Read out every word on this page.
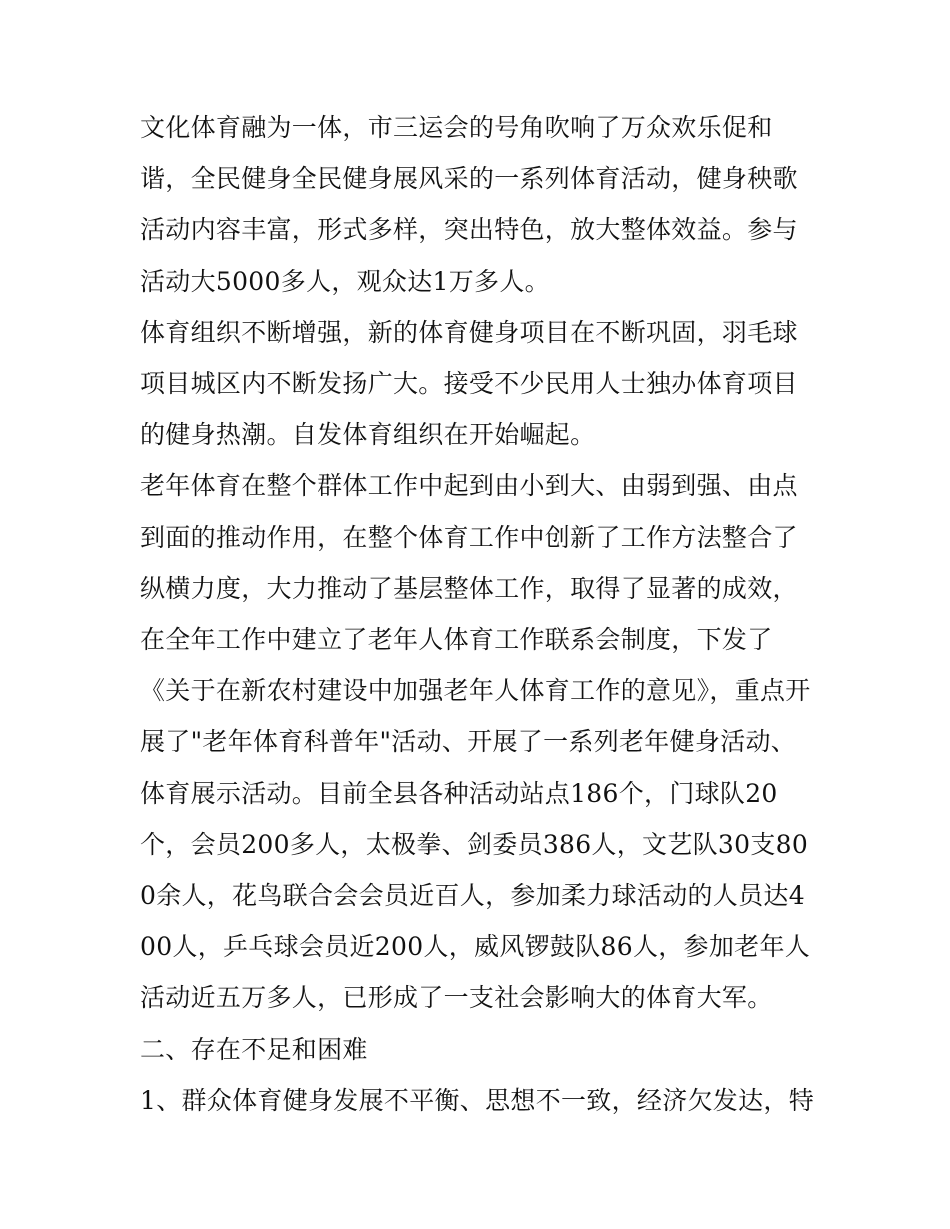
文化体育融为一体，市三运会的号角吹响了万众欢乐促和谐，全民健身全民健身展风采的一系列体育活动，健身秧歌活动内容丰富，形式多样，突出特色，放大整体效益。参与活动大5000多人，观众达1万多人。

体育组织不断增强，新的体育健身项目在不断巩固，羽毛球项目城区内不断发扬广大。接受不少民用人士独办体育项目的健身热潮。自发体育组织在开始崛起。

老年体育在整个群体工作中起到由小到大、由弱到强、由点到面的推动作用，在整个体育工作中创新了工作方法整合了纵横力度，大力推动了基层整体工作，取得了显著的成效，在全年工作中建立了老年人体育工作联系会制度，下发了《关于在新农村建设中加强老年人体育工作的意见》，重点开展了"老年体育科普年"活动、开展了一系列老年健身活动、体育展示活动。目前全县各种活动站点186个，门球队20个，会员200多人，太极拳、剑委员386人，文艺队30支800余人，花鸟联合会会员近百人，参加柔力球活动的人员达400人，乒乓球会员近200人，威风锣鼓队86人，参加老年人活动近五万多人，已形成了一支社会影响大的体育大军。

二、存在不足和困难

1、群众体育健身发展不平衡、思想不一致，经济欠发达，特
